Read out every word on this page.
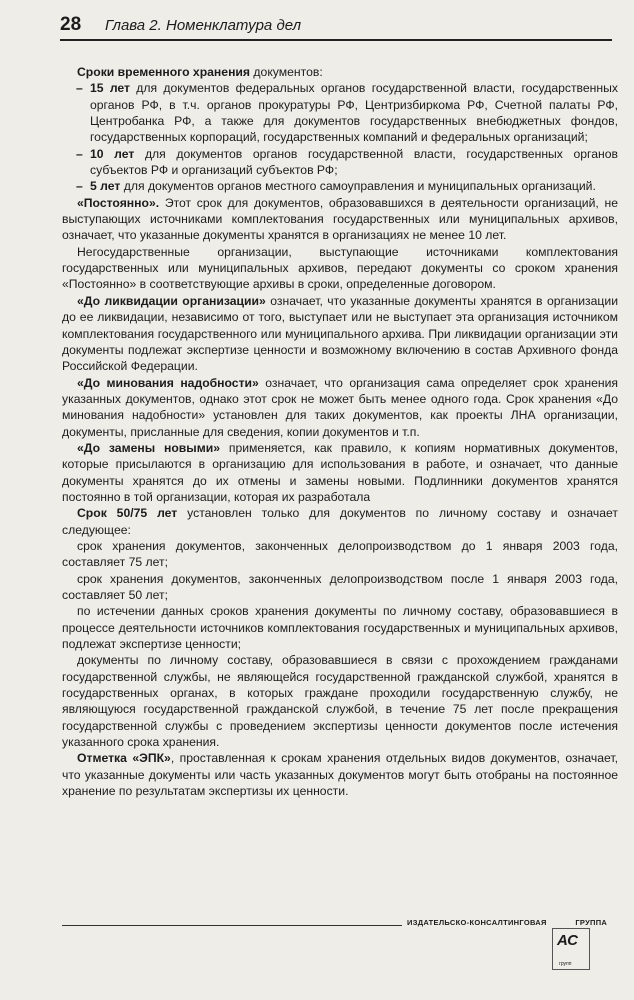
28 Глава 2. Номенклатура дел

Сроки временного хранения документов:

– 15 лет для документов федеральных органов государственной власти, государственных органов РФ, в т.ч. органов прокуратуры РФ, Центризбиркома РФ, Счетной палаты РФ, Центробанка РФ, а также для документов государственных внебюджетных фондов, государственных корпораций, государственных компаний и федеральных организаций;
– 10 лет для документов органов государственной власти, государственных органов субъектов РФ и организаций субъектов РФ;
– 5 лет для документов органов местного самоуправления и муниципальных организаций.

«Постоянно». Этот срок для документов, образовавшихся в деятельности организаций, не выступающих источниками комплектования государственных или муниципальных архивов, означает, что указанные документы хранятся в организациях не менее 10 лет.

Негосударственные организации, выступающие источниками комплектования государственных или муниципальных архивов, передают документы со сроком хранения «Постоянно» в соответствующие архивы в сроки, определенные договором.

«До ликвидации организации» означает, что указанные документы хранятся в организации до ее ликвидации, независимо от того, выступает или не выступает эта организация источником комплектования государственного или муниципального архива. При ликвидации организации эти документы подлежат экспертизе ценности и возможному включению в состав Архивного фонда Российской Федерации.

«До минования надобности» означает, что организация сама определяет срок хранения указанных документов, однако этот срок не может быть менее одного года. Срок хранения «До минования надобности» установлен для таких документов, как проекты ЛНА организации, документы, присланные для сведения, копии документов и т.п.

«До замены новыми» применяется, как правило, к копиям нормативных документов, которые присылаются в организацию для использования в работе, и означает, что данные документы хранятся до их отмены и замены новыми. Подлинники документов хранятся постоянно в той организации, которая их разработала

Срок 50/75 лет установлен только для документов по личному составу и означает следующее:

срок хранения документов, законченных делопроизводством до 1 января 2003 года, составляет 75 лет;

срок хранения документов, законченных делопроизводством после 1 января 2003 года, составляет 50 лет;

по истечении данных сроков хранения документы по личному составу, образовавшиеся в процессе деятельности источников комплектования государственных и муниципальных архивов, подлежат экспертизе ценности;

документы по личному составу, образовавшиеся в связи с прохождением гражданами государственной службы, не являющейся государственной гражданской службой, хранятся в государственных органах, в которых граждане проходили государственную службу, не являющуюся государственной гражданской службой, в течение 75 лет после прекращения государственной службы с проведением экспертизы ценности документов после истечения указанного срока хранения.

Отметка «ЭПК», проставленная к срокам хранения отдельных видов документов, означает, что указанные документы или часть указанных документов могут быть отобраны на постоянное хранение по результатам экспертизы их ценности.

ИЗДАТЕЛЬСКО-КОНСАЛТИНГОВАЯ	ГРУППА
АС
групп
